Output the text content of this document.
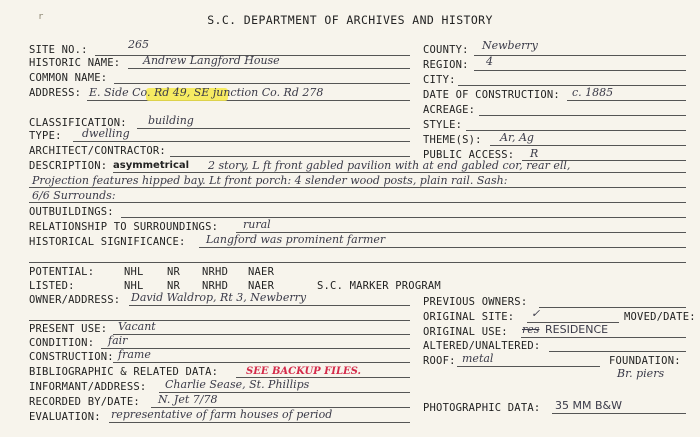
r	S.C. DEPARTMENT OF ARCHIVES AND HISTORY
SITE NO.:	265
HISTORIC NAME: Andrew Langford House
COMMON NAME:
ADDRESS: E. Side Co. Rd 49, SE junction Co. Rd 278
CLASSIFICATION: building
TYPE: dwelling
ARCHITECT/CONTRACTOR:
COUNTY: Newberry
REGION: 4
CITY:
DATE OF CONSTRUCTION: c. 1885
ACREAGE:
STYLE:
THEME(S): Ar, Ag
PUBLIC ACCESS: R
DESCRIPTION: asymmetrical 2 story, L ft front gabled pavilion with at end gabled cor, rear ell,
Projection features hipped bay. Lt front porch: 4 slender wood posts, plain rail. Sash:
6/6 Surrounds:
OUTBUILDINGS:
RELATIONSHIP TO SURROUNDINGS: rural
HISTORICAL SIGNIFICANCE: Langford was prominent farmer
POTENTIAL:	NHL NR NRHD NAER
LISTED:	NHL NR NRHD NAER	S.C. MARKER PROGRAM
OWNER/ADDRESS: David Waldrop, Rt 3, Newberry	PREVIOUS OWNERS:
ORIGINAL SITE: ✓	MOVED/DATE:
PRESENT USE: Vacant	ORIGINAL USE: res RESIDENCE
CONDITION: fair	ALTERED/UNALTERED:
CONSTRUCTION: frame	ROOF: metal	FOUNDATION:
Br. piers
BIBLIOGRAPHIC & RELATED DATA:	SEE BACKUP FILES.
INFORMANT/ADDRESS: Charlie Sease, St. Phillips
RECORDED BY/DATE: N. Jet 7/78
PHOTOGRAPHIC DATA: 35 MM B&W
EVALUATION: representative of farm houses of period
